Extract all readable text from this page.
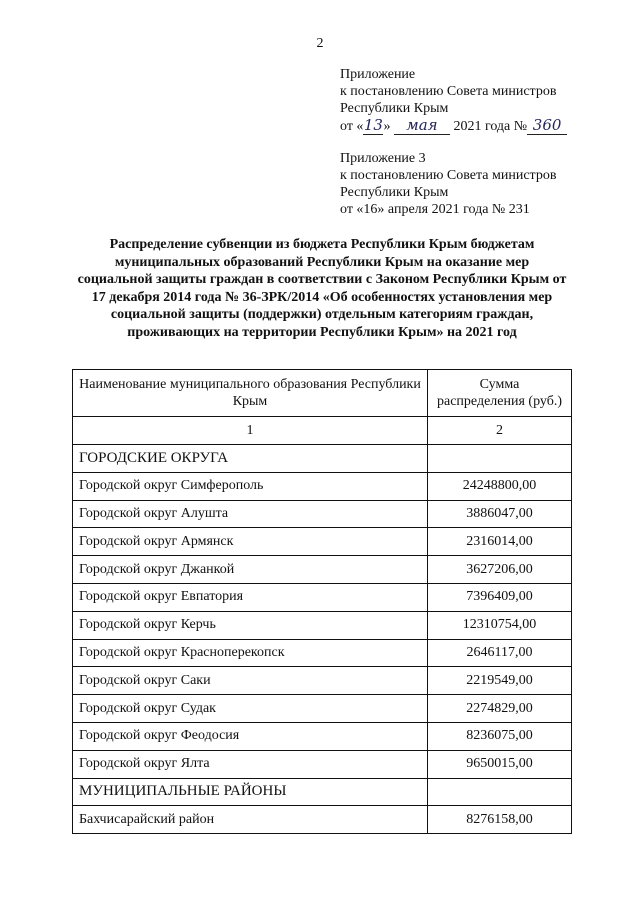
2
Приложение
к постановлению Совета министров
Республики Крым
от «13» мая 2021 года № 360
Приложение 3
к постановлению Совета министров
Республики Крым
от «16» апреля 2021 года № 231
Распределение субвенции из бюджета Республики Крым бюджетам муниципальных образований Республики Крым на оказание мер социальной защиты граждан в соответствии с Законом Республики Крым от 17 декабря 2014 года № 36-ЗРК/2014 «Об особенностях установления мер социальной защиты (поддержки) отдельным категориям граждан, проживающих на территории Республики Крым» на 2021 год
Наименование муниципального образования Республики Крым	Сумма распределения (руб.)
1	2
ГОРОДСКИЕ ОКРУГА	
Городской округ Симферополь	24248800,00
Городской округ Алушта	3886047,00
Городской округ Армянск	2316014,00
Городской округ Джанкой	3627206,00
Городской округ Евпатория	7396409,00
Городской округ Керчь	12310754,00
Городской округ Красноперекопск	2646117,00
Городской округ Саки	2219549,00
Городской округ Судак	2274829,00
Городской округ Феодосия	8236075,00
Городской округ Ялта	9650015,00
МУНИЦИПАЛЬНЫЕ РАЙОНЫ	
Бахчисарайский район	8276158,00
